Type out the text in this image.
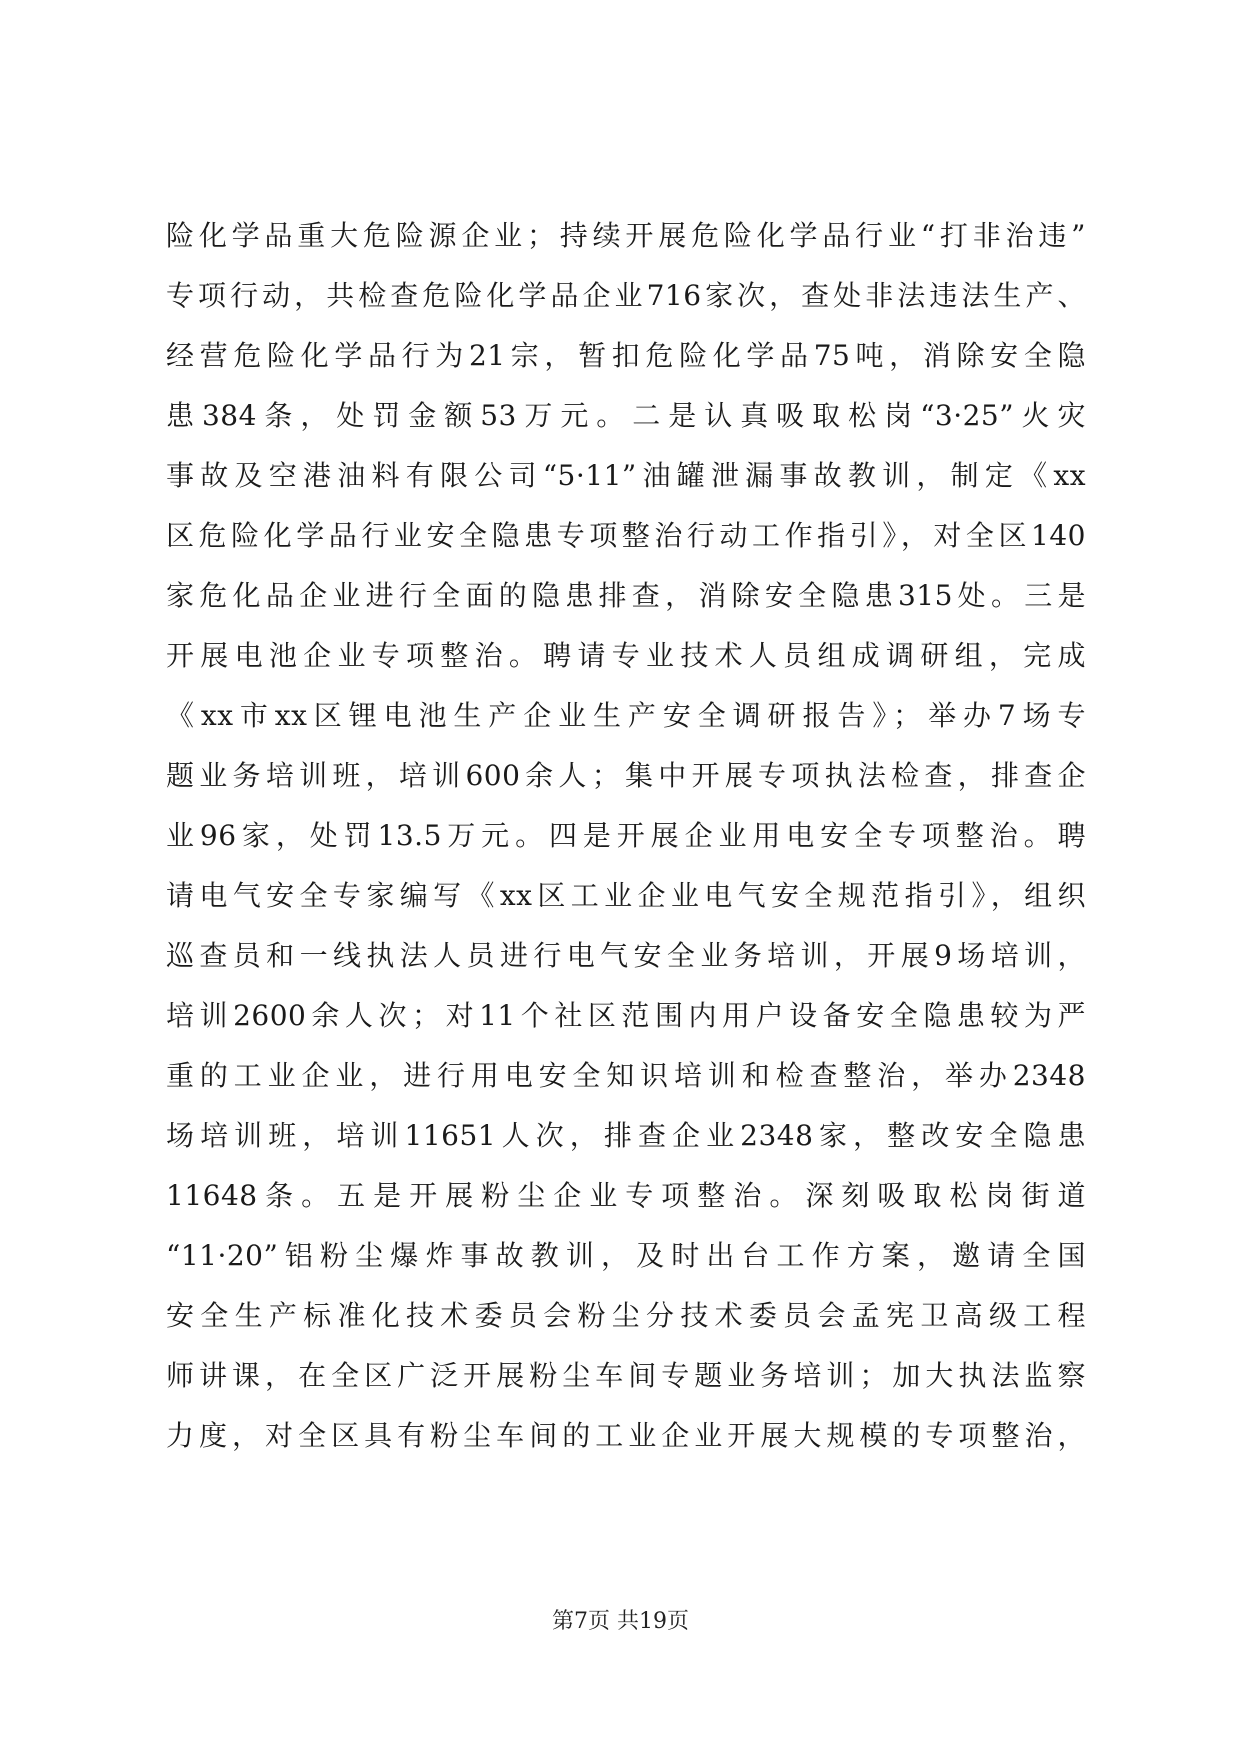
险化学品重大危险源企业；持续开展危险化学品行业“打非治违”
专项行动，共检查危险化学品企业716家次，查处非法违法生产、
经营危险化学品行为21宗，暂扣危险化学品75吨，消除安全隐
患384条，处罚金额53万元。二是认真吸取松岗“3·25”火灾
事故及空港油料有限公司“5·11”油罐泄漏事故教训，制定《xx
区危险化学品行业安全隐患专项整治行动工作指引》，对全区140
家危化品企业进行全面的隐患排查，消除安全隐患315处。三是
开展电池企业专项整治。聘请专业技术人员组成调研组，完成
《xx市xx区锂电池生产企业生产安全调研报告》；举办7场专
题业务培训班，培训600余人；集中开展专项执法检查，排查企
业96家，处罚13.5万元。四是开展企业用电安全专项整治。聘
请电气安全专家编写《xx区工业企业电气安全规范指引》，组织
巡查员和一线执法人员进行电气安全业务培训，开展9场培训，
培训2600余人次；对11个社区范围内用户设备安全隐患较为严
重的工业企业，进行用电安全知识培训和检查整治，举办2348
场培训班，培训11651人次，排查企业2348家，整改安全隐患
11648条。五是开展粉尘企业专项整治。深刻吸取松岗街道
“11·20”铝粉尘爆炸事故教训，及时出台工作方案，邀请全国
安全生产标准化技术委员会粉尘分技术委员会孟宪卫高级工程
师讲课，在全区广泛开展粉尘车间专题业务培训；加大执法监察
力度，对全区具有粉尘车间的工业企业开展大规模的专项整治，
第7页 共19页
